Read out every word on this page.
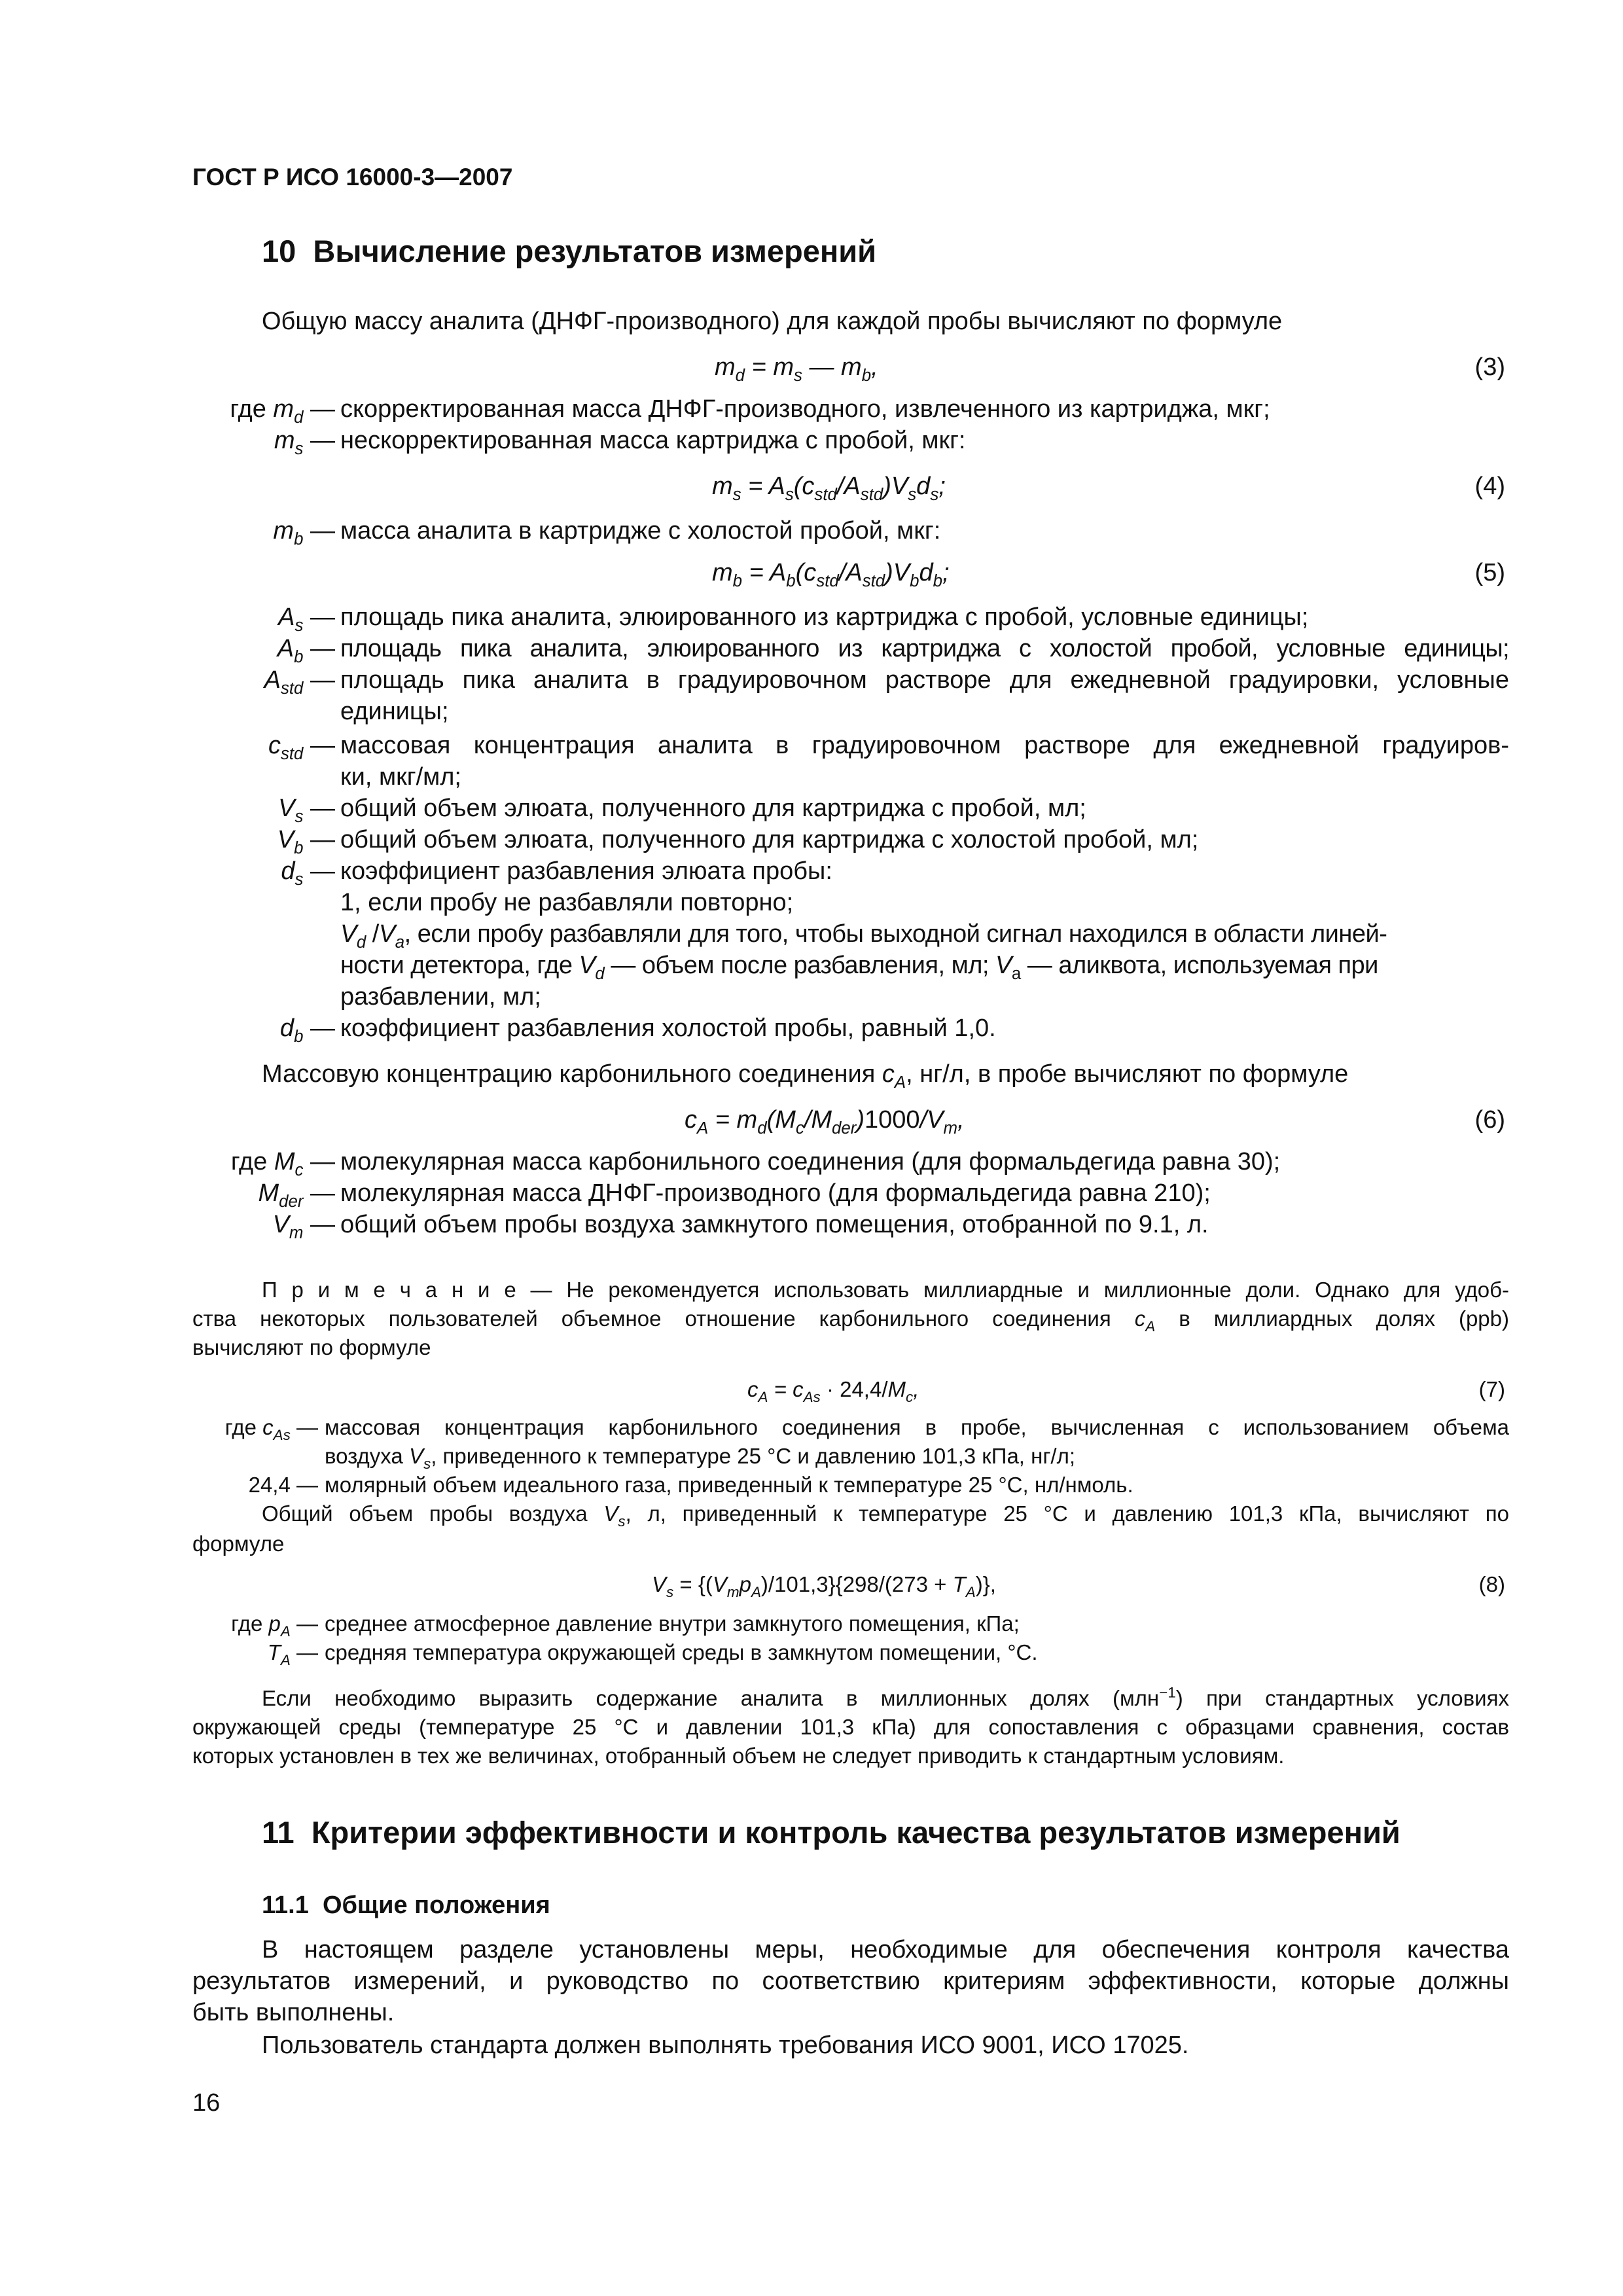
ГОСТ Р ИСО 16000-3—2007
10 Вычисление результатов измерений
Общую массу аналита (ДНФГ-производного) для каждой пробы вычисляют по формуле
$m_d = m_s$ — $m_b$,	(3)
где $m_d$ — скорректированная масса ДНФГ-производного, извлеченного из картриджа, мкг;
$m_s$ — нескорректированная масса картриджа с пробой, мкг:
$m_s = A_s(c_{std}/A_{std})V_sd_s$;	(4)
$m_b$ — масса аналита в картридже с холостой пробой, мкг:
$m_b = A_b(c_{std}/A_{std})V_bd_b$;	(5)
$A_s$ — площадь пика аналита, элюированного из картриджа с пробой, условные единицы;
$A_b$ — площадь пика аналита, элюированного из картриджа с холостой пробой, условные единицы;
$A_{std}$ — площадь пика аналита в градуировочном растворе для ежедневной градуировки, условные
единицы;
$c_{std}$ — массовая концентрация аналита в градуировочном растворе для ежедневной градуиров-
ки, мкг/мл;
$V_s$ — общий объем элюата, полученного для картриджа с пробой, мл;
$V_b$ — общий объем элюата, полученного для картриджа с холостой пробой, мл;
$d_s$ — коэффициент разбавления элюата пробы:
1, если пробу не разбавляли повторно;
$V_d$ $/V_a$, если пробу разбавляли для того, чтобы выходной сигнал находился в области линей-
ности детектора, где $V_d$ — объем после разбавления, мл; $V_a$ — аликвота, используемая при
разбавлении, мл;
$d_b$ — коэффициент разбавления холостой пробы, равный 1,0.
Массовую концентрацию карбонильного соединения $c_A$, нг/л, в пробе вычисляют по формуле
$c_A = m_d(M_c/M_{der})1000/V_m$,	(6)
где $M_c$ — молекулярная масса карбонильного соединения (для формальдегида равна 30);
$M_{der}$ — молекулярная масса ДНФГ-производного (для формальдегида равна 210);
$V_m$ — общий объем пробы воздуха замкнутого помещения, отобранной по 9.1, л.
П р и м е ч а н и е — Не рекомендуется использовать миллиардные и миллионные доли. Однако для удоб-
ства некоторых пользователей объемное отношение карбонильного соединения $c_A$ в миллиардных долях (ppb)
вычисляют по формуле
$c_A = c_{As} \cdot 24,4/M_c$,	(7)
где $c_{As}$ — массовая концентрация карбонильного соединения в пробе, вычисленная с использованием объема
воздуха $V_s$, приведенного к температуре 25 °C и давлению 101,3 кПа, нг/л;
24,4 — молярный объем идеального газа, приведенный к температуре 25 °C, нл/нмоль.
Общий объем пробы воздуха $V_s$, л, приведенный к температуре 25 °C и давлению 101,3 кПа, вычисляют по
формуле
$V_s = \{(V_mp_A)/101,3\}\{298/(273 + T_A)\}$,	(8)
где $p_A$ — среднее атмосферное давление внутри замкнутого помещения, кПа;
$T_A$ — средняя температура окружающей среды в замкнутом помещении, °C.
Если необходимо выразить содержание аналита в миллионных долях (млн$^{-1}$) при стандартных условиях
окружающей среды (температуре 25 °C и давлении 101,3 кПа) для сопоставления с образцами сравнения, состав
которых установлен в тех же величинах, отобранный объем не следует приводить к стандартным условиям.
11 Критерии эффективности и контроль качества результатов измерений
11.1 Общие положения
В настоящем разделе установлены меры, необходимые для обеспечения контроля качества
результатов измерений, и руководство по соответствию критериям эффективности, которые должны
быть выполнены.
Пользователь стандарта должен выполнять требования ИСО 9001, ИСО 17025.
16
